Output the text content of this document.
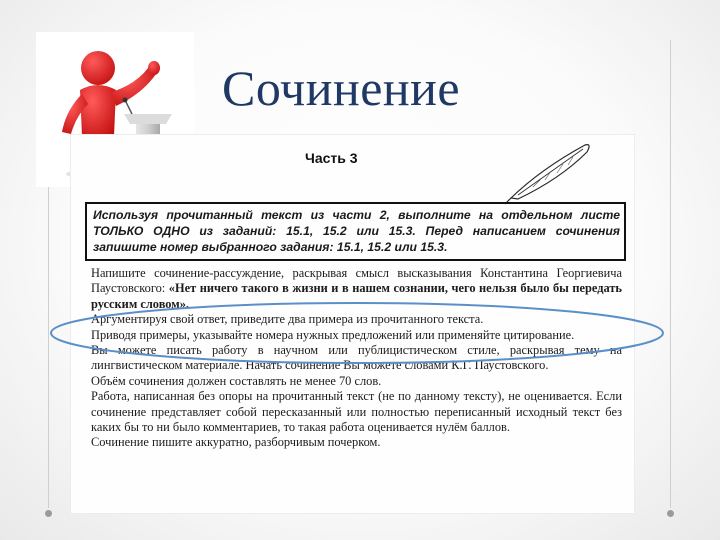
Сочинение
Часть 3
Используя прочитанный текст из части 2, выполните на отдельном листе ТОЛЬКО ОДНО из заданий: 15.1, 15.2 или 15.3. Перед написанием сочинения запишите номер выбранного задания: 15.1, 15.2 или 15.3.

Напишите сочинение-рассуждение, раскрывая смысл высказывания Константина Георгиевича Паустовского: «Нет ничего такого в жизни и в нашем сознании, чего нельзя было бы передать русским словом».

Аргументируя свой ответ, приведите два примера из прочитанного текста.

Приводя примеры, указывайте номера нужных предложений или применяйте цитирование.

Вы можете писать работу в научном или публицистическом стиле, раскрывая тему на лингвистическом материале. Начать сочинение Вы можете словами К.Г. Паустовского.

Объём сочинения должен составлять не менее 70 слов.

Работа, написанная без опоры на прочитанный текст (не по данному тексту), не оценивается. Если сочинение представляет собой пересказанный или полностью переписанный исходный текст без каких бы то ни было комментариев, то такая работа оценивается нулём баллов.

Сочинение пишите аккуратно, разборчивым почерком.
